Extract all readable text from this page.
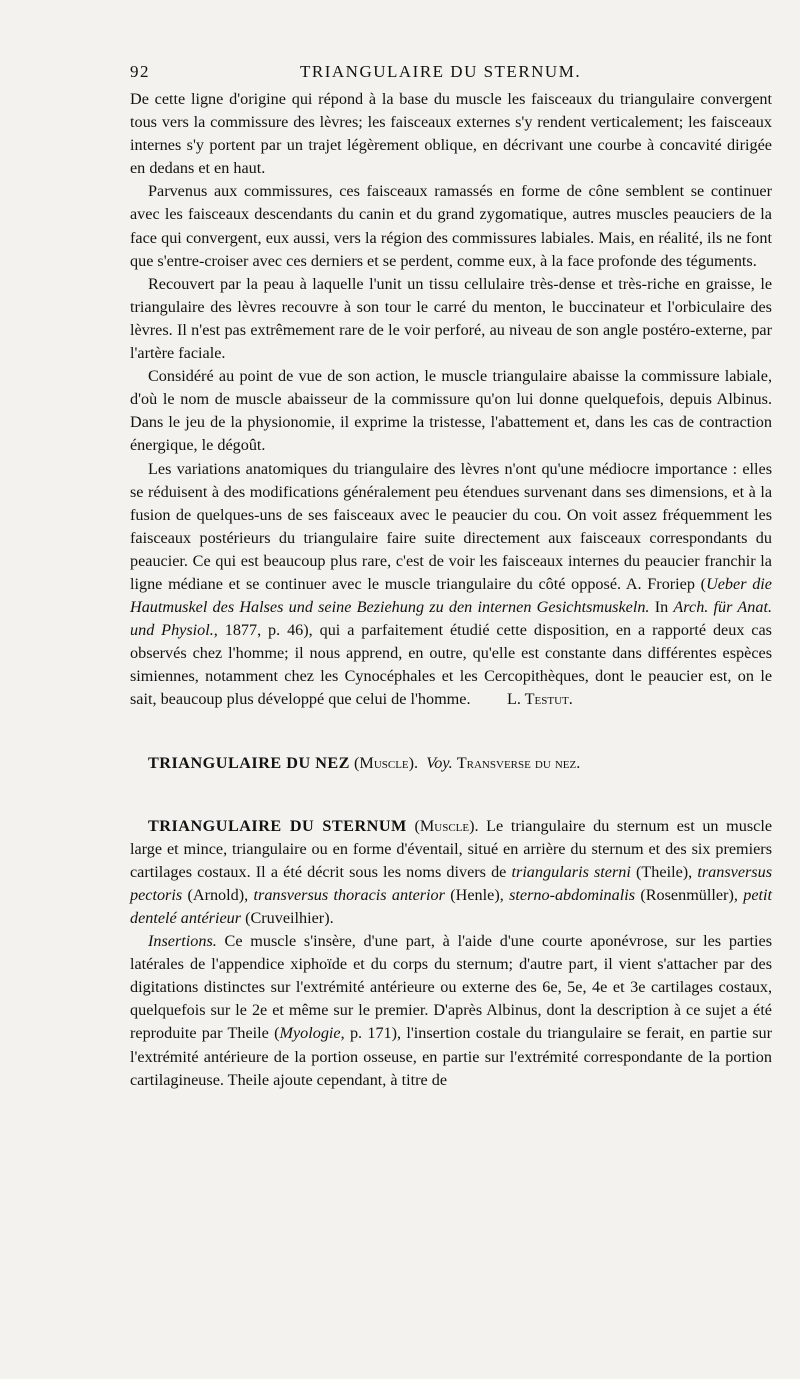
92	TRIANGULAIRE DU STERNUM.

De cette ligne d'origine qui répond à la base du muscle les faisceaux du triangulaire convergent tous vers la commissure des lèvres; les faisceaux externes s'y rendent verticalement; les faisceaux internes s'y portent par un trajet légèrement oblique, en décrivant une courbe à concavité dirigée en dedans et en haut.

Parvenus aux commissures, ces faisceaux ramassés en forme de cône semblent se continuer avec les faisceaux descendants du canin et du grand zygomatique, autres muscles peauciers de la face qui convergent, eux aussi, vers la région des commissures labiales. Mais, en réalité, ils ne font que s'entre-croiser avec ces derniers et se perdent, comme eux, à la face profonde des téguments.

Recouvert par la peau à laquelle l'unit un tissu cellulaire très-dense et très-riche en graisse, le triangulaire des lèvres recouvre à son tour le carré du menton, le buccinateur et l'orbiculaire des lèvres. Il n'est pas extrêmement rare de le voir perforé, au niveau de son angle postéro-externe, par l'artère faciale.

Considéré au point de vue de son action, le muscle triangulaire abaisse la commissure labiale, d'où le nom de muscle abaisseur de la commissure qu'on lui donne quelquefois, depuis Albinus. Dans le jeu de la physionomie, il exprime la tristesse, l'abattement et, dans les cas de contraction énergique, le dégoût.

Les variations anatomiques du triangulaire des lèvres n'ont qu'une médiocre importance : elles se réduisent à des modifications généralement peu étendues survenant dans ses dimensions, et à la fusion de quelques-uns de ses faisceaux avec le peaucier du cou. On voit assez fréquemment les faisceaux postérieurs du triangulaire faire suite directement aux faisceaux correspondants du peaucier. Ce qui est beaucoup plus rare, c'est de voir les faisceaux internes du peaucier franchir la ligne médiane et se continuer avec le muscle triangulaire du côté opposé. A. Froriep (Ueber die Hautmuskel des Halses und seine Beziehung zu den internen Gesichtsmuskeln. In Arch. für Anat. und Physiol., 1877, p. 46), qui a parfaitement étudié cette disposition, en a rapporté deux cas observés chez l'homme; il nous apprend, en outre, qu'elle est constante dans différentes espèces simiennes, notamment chez les Cynocéphales et les Cercopithèques, dont le peaucier est, on le sait, beaucoup plus développé que celui de l'homme. L. Testut.

TRIANGULAIRE DU NEZ (Muscle). Voy. Transverse du nez.

TRIANGULAIRE DU STERNUM (Muscle). Le triangulaire du sternum est un muscle large et mince, triangulaire ou en forme d'éventail, situé en arrière du sternum et des six premiers cartilages costaux. Il a été décrit sous les noms divers de triangularis sterni (Theile), transversus pectoris (Arnold), transversus thoracis anterior (Henle), sterno-abdominalis (Rosenmüller), petit dentelé antérieur (Cruveilhier).

Insertions. Ce muscle s'insère, d'une part, à l'aide d'une courte aponévrose, sur les parties latérales de l'appendice xiphoïde et du corps du sternum; d'autre part, il vient s'attacher par des digitations distinctes sur l'extrémité antérieure ou externe des 6e, 5e, 4e et 3e cartilages costaux, quelquefois sur le 2e et même sur le premier. D'après Albinus, dont la description à ce sujet a été reproduite par Theile (Myologie, p. 171), l'insertion costale du triangulaire se ferait, en partie sur l'extrémité antérieure de la portion osseuse, en partie sur l'extrémité correspondante de la portion cartilagineuse. Theile ajoute cependant, à titre de
